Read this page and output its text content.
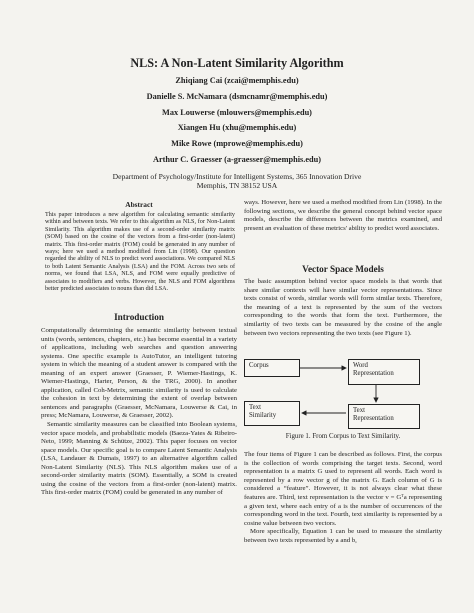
NLS: A Non-Latent Similarity Algorithm
Zhiqiang Cai (zcai@memphis.edu)
Danielle S. McNamara (dsmcnamr@memphis.edu)
Max Louwerse (mlouwers@memphis.edu)
Xiangen Hu (xhu@memphis.edu)
Mike Rowe (mprowe@memphis.edu)
Arthur C. Graesser (a-graesser@memphis.edu)
Department of Psychology/Institute for Intelligent Systems, 365 Innovation Drive
Memphis, TN 38152 USA
Abstract
This paper introduces a new algorithm for calculating semantic similarity within and between texts. We refer to this algorithm as NLS, for Non-Latent Similarity. This algorithm makes use of a second-order similarity matrix (SOM) based on the cosine of the vectors from a first-order (non-latent) matrix. This first-order matrix (FOM) could be generated in any number of ways; here we used a method modified from Lin (1998). Our question regarded the ability of NLS to predict word associations. We compared NLS to both Latent Semantic Analysis (LSA) and the FOM. Across two sets of norms, we found that LSA, NLS, and FOM were equally predictive of associates to modifiers and verbs. However, the NLS and FOM algorithms better predicted associates to nouns than did LSA.
Introduction

Computationally determining the semantic similarity between textual units (words, sentences, chapters, etc.) has become essential in a variety of applications, including web searches and question answering systems. One specific example is AutoTutor, an intelligent tutoring system in which the meaning of a student answer is compared with the meaning of an expert answer (Graesser, P. Wiemer-Hastings, K. Wiemer-Hastings, Harter, Person, & the TRG, 2000). In another application, called Coh-Metrix, semantic similarity is used to calculate the cohesion in text by determining the extent of overlap between sentences and paragraphs (Graesser, McNamara, Louwerse & Cai, in press; McNamara, Louwerse, & Graesser, 2002).

Semantic similarity measures can be classified into Boolean systems, vector space models, and probabilistic models (Baeza-Yates & Ribeiro-Neto, 1999; Manning & Schütze, 2002). This paper focuses on vector space models. Our specific goal is to compare Latent Semantic Analysis (LSA, Landauer & Dumais, 1997) to an alternative algorithm called Non-Latent Similarity (NLS). This NLS algorithm makes use of a second-order similarity matrix (SOM). Essentially, a SOM is created using the cosine of the vectors from a first-order (non-latent) matrix. This first-order matrix (FOM) could be generated in any number of

ways. However, here we used a method modified from Lin (1998). In the following sections, we describe the general concept behind vector space models, describe the differences between the metrics examined, and present an evaluation of these metrics' ability to predict word associates.
Vector Space Models
The basic assumption behind vector space models is that words that share similar contexts will have similar vector representations. Since texts consist of words, similar words will form similar texts. Therefore, the meaning of a text is represented by the sum of the vectors corresponding to the words that form the text. Furthermore, the similarity of two texts can be measured by the cosine of the angle between two vectors representing the two texts (see Figure 1).
Corpus	Word
Representation
Text
Similarity
Text
Representation
Figure 1. From Corpus to Text Similarity.

The four items of Figure 1 can be described as follows. First, the corpus is the collection of words comprising the target texts. Second, word representation is a matrix G used to represent all words. Each word is represented by a row vector g of the matrix G. Each column of G is considered a “feature”. However, it is not always clear what these features are. Third, text representation is the vector v = Gᵀa representing a given text, where each entry of a is the number of occurrences of the corresponding word in the text. Fourth, text similarity is represented by a cosine value between two vectors.

More specifically, Equation 1 can be used to measure the similarity between two texts represented by a and b,
